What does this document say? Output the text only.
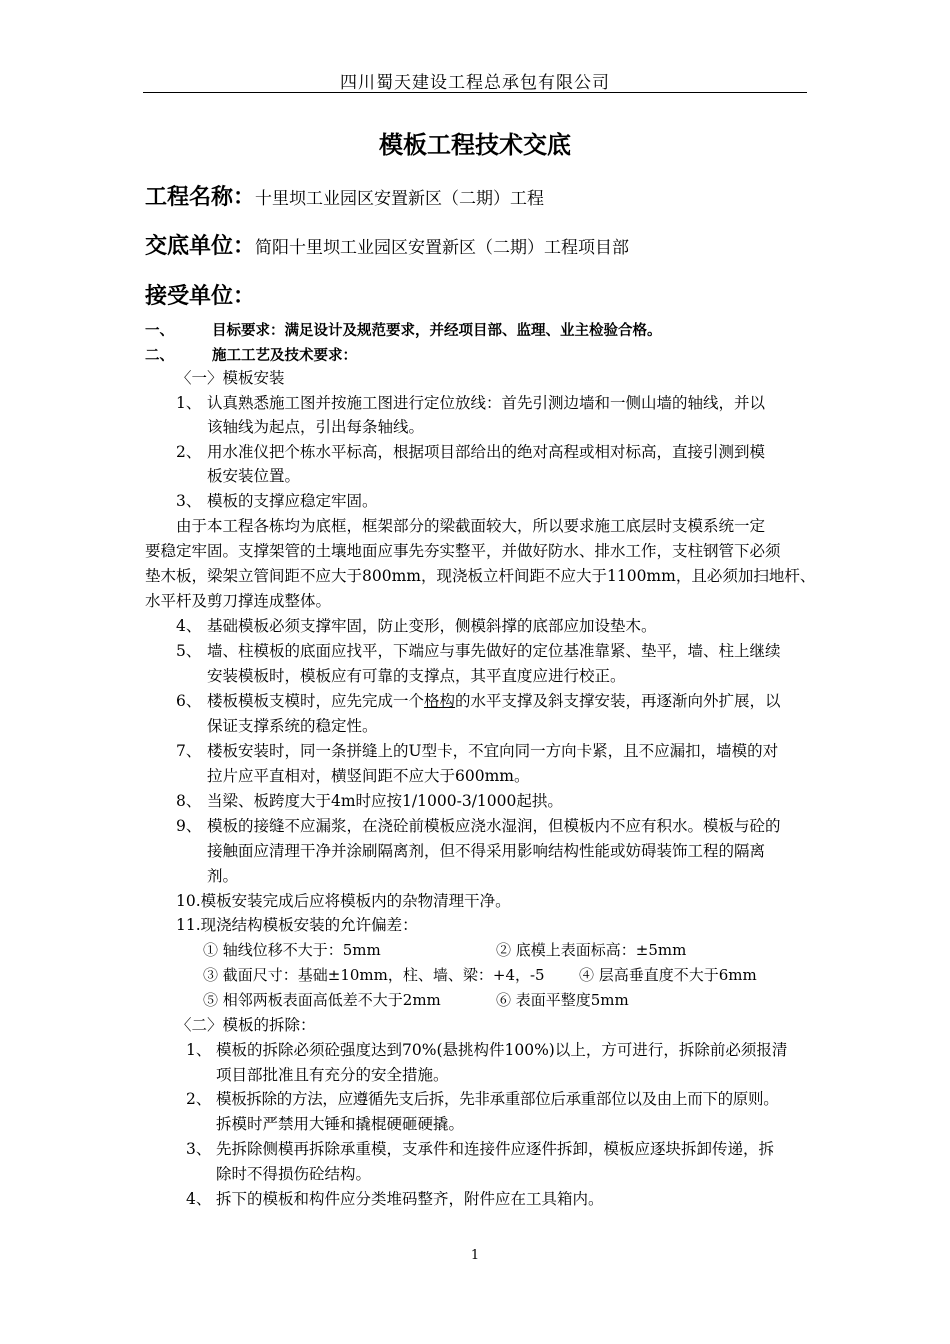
四川蜀天建设工程总承包有限公司
模板工程技术交底
工程名称：十里坝工业园区安置新区（二期）工程
交底单位：简阳十里坝工业园区安置新区（二期）工程项目部
接受单位：
一、	目标要求：满足设计及规范要求，并经项目部、监理、业主检验合格。
二、	施工工艺及技术要求：
〈一〉模板安装
1、 认真熟悉施工图并按施工图进行定位放线：首先引测边墙和一侧山墙的轴线，并以
该轴线为起点，引出每条轴线。
2、 用水准仪把个栋水平标高，根据项目部给出的绝对高程或相对标高，直接引测到模
板安装位置。
3、 模板的支撑应稳定牢固。
由于本工程各栋均为底框，框架部分的梁截面较大，所以要求施工底层时支模系统一定
要稳定牢固。支撑架管的土壤地面应事先夯实整平，并做好防水、排水工作，支柱钢管下必须
垫木板，梁架立管间距不应大于800mm，现浇板立杆间距不应大于1100mm，且必须加扫地杆、
水平杆及剪刀撑连成整体。
4、 基础模板必须支撑牢固，防止变形，侧模斜撑的底部应加设垫木。
5、 墙、柱模板的底面应找平，下端应与事先做好的定位基准靠紧、垫平，墙、柱上继续
安装模板时，模板应有可靠的支撑点，其平直度应进行校正。
6、 楼板模板支模时，应先完成一个格构的水平支撑及斜支撑安装，再逐渐向外扩展，以
保证支撑系统的稳定性。
7、 楼板安装时，同一条拼缝上的U型卡，不宜向同一方向卡紧，且不应漏扣，墙模的对
拉片应平直相对，横竖间距不应大于600mm。
8、 当梁、板跨度大于4m时应按1/1000-3/1000起拱。
9、 模板的接缝不应漏浆，在浇砼前模板应浇水湿润，但模板内不应有积水。模板与砼的
接触面应清理干净并涂刷隔离剂，但不得采用影响结构性能或妨碍装饰工程的隔离
剂。
10.模板安装完成后应将模板内的杂物清理干净。
11.现浇结构模板安装的允许偏差：
① 轴线位移不大于：5mm	② 底模上表面标高：±5mm
③ 截面尺寸：基础±10mm，柱、墙、梁：+4，-5 ④ 层高垂直度不大于6mm
⑤ 相邻两板表面高低差不大于2mm	⑥ 表面平整度5mm
〈二〉模板的拆除：
1、 模板的拆除必须砼强度达到70%(悬挑构件100%)以上，方可进行，拆除前必须报清
项目部批准且有充分的安全措施。
2、 模板拆除的方法，应遵循先支后拆，先非承重部位后承重部位以及由上而下的原则。
拆模时严禁用大锤和撬棍硬砸硬撬。
3、 先拆除侧模再拆除承重模，支承件和连接件应逐件拆卸，模板应逐块拆卸传递，拆
除时不得损伤砼结构。
4、 拆下的模板和构件应分类堆码整齐，附件应在工具箱内。
1
